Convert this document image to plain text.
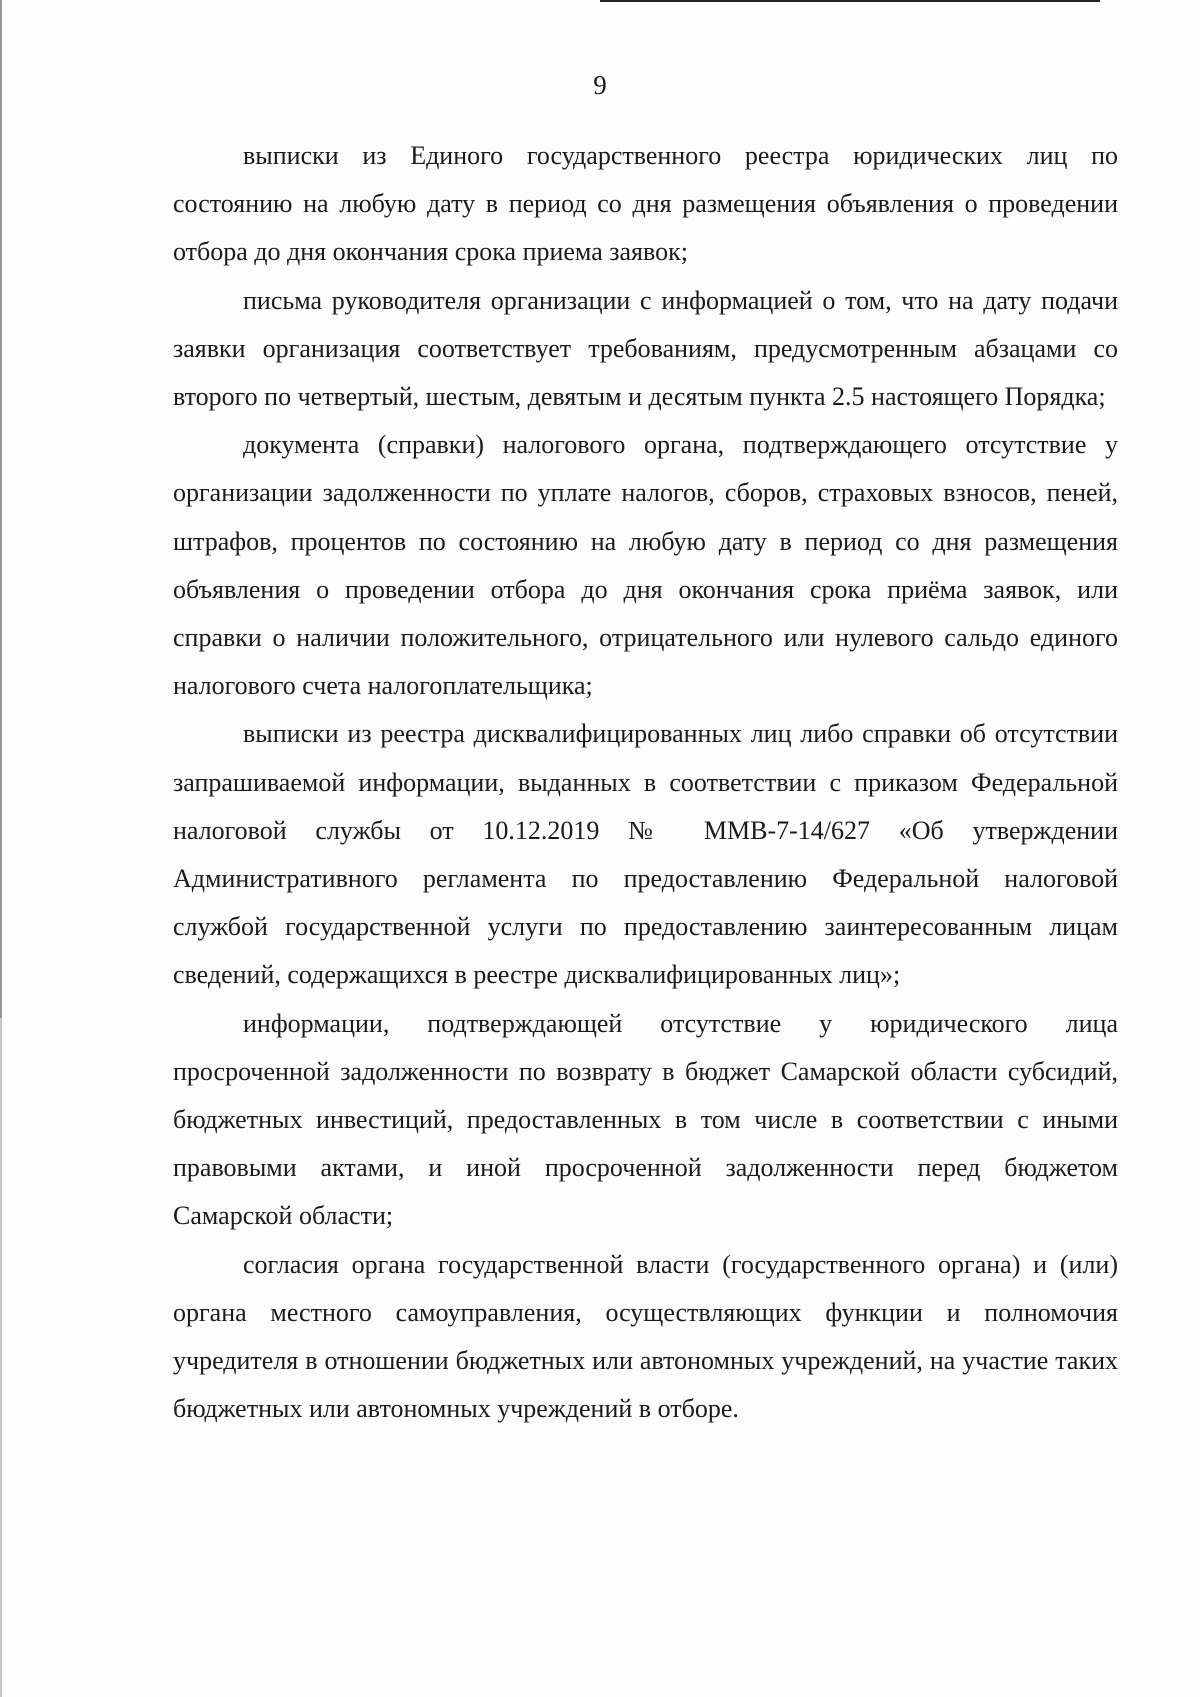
9

выписки из Единого государственного реестра юридических лиц по состоянию на любую дату в период со дня размещения объявления о проведении отбора до дня окончания срока приема заявок;

письма руководителя организации с информацией о том, что на дату подачи заявки организация соответствует требованиям, предусмотренным абзацами со второго по четвертый, шестым, девятым и десятым пункта 2.5 настоящего Порядка;

документа (справки) налогового органа, подтверждающего отсутствие у организации задолженности по уплате налогов, сборов, страховых взносов, пеней, штрафов, процентов по состоянию на любую дату в период со дня размещения объявления о проведении отбора до дня окончания срока приёма заявок, или справки о наличии положительного, отрицательного или нулевого сальдо единого налогового счета налогоплательщика;

выписки из реестра дисквалифицированных лиц либо справки об отсутствии запрашиваемой информации, выданных в соответствии с приказом Федеральной налоговой службы от 10.12.2019 № ММВ-7-14/627 «Об утверждении Административного регламента по предоставлению Федеральной налоговой службой государственной услуги по предоставлению заинтересованным лицам сведений, содержащихся в реестре дисквалифицированных лиц»;

информации, подтверждающей отсутствие у юридического лица просроченной задолженности по возврату в бюджет Самарской области субсидий, бюджетных инвестиций, предоставленных в том числе в соответствии с иными правовыми актами, и иной просроченной задолженности перед бюджетом Самарской области;

согласия органа государственной власти (государственного органа) и (или) органа местного самоуправления, осуществляющих функции и полномочия учредителя в отношении бюджетных или автономных учреждений, на участие таких бюджетных или автономных учреждений в отборе.
